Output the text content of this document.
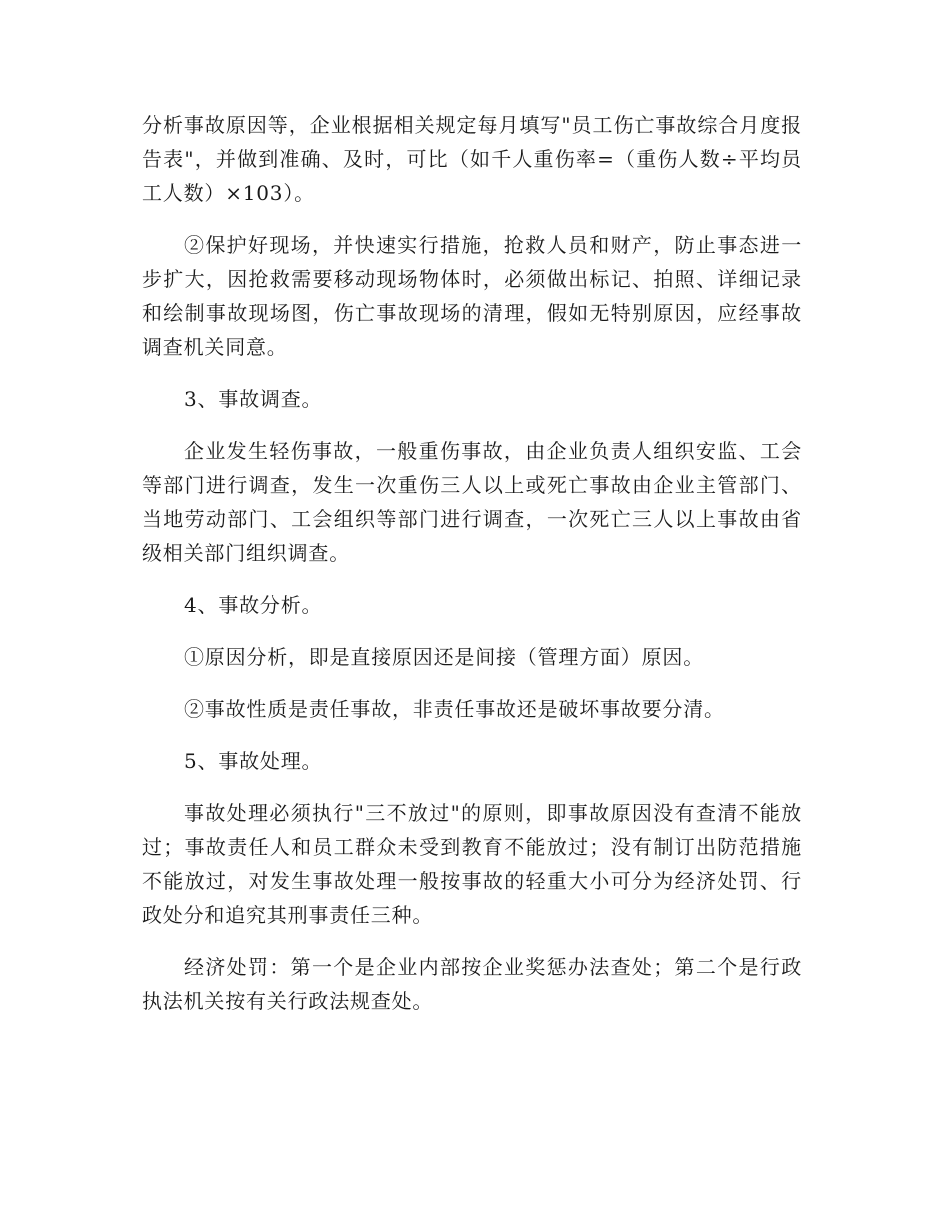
分析事故原因等，企业根据相关规定每月填写"员工伤亡事故综合月度报告表"，并做到准确、及时，可比（如千人重伤率=（重伤人数÷平均员工人数）×103）。

②保护好现场，并快速实行措施，抢救人员和财产，防止事态进一步扩大，因抢救需要移动现场物体时，必须做出标记、拍照、详细记录和绘制事故现场图，伤亡事故现场的清理，假如无特别原因，应经事故调查机关同意。

3、事故调查。

企业发生轻伤事故，一般重伤事故，由企业负责人组织安监、工会等部门进行调查，发生一次重伤三人以上或死亡事故由企业主管部门、当地劳动部门、工会组织等部门进行调查，一次死亡三人以上事故由省级相关部门组织调查。

4、事故分析。

①原因分析，即是直接原因还是间接（管理方面）原因。

②事故性质是责任事故，非责任事故还是破坏事故要分清。

5、事故处理。

事故处理必须执行"三不放过"的原则，即事故原因没有查清不能放过；事故责任人和员工群众未受到教育不能放过；没有制订出防范措施不能放过，对发生事故处理一般按事故的轻重大小可分为经济处罚、行政处分和追究其刑事责任三种。

经济处罚：第一个是企业内部按企业奖惩办法查处；第二个是行政执法机关按有关行政法规查处。
